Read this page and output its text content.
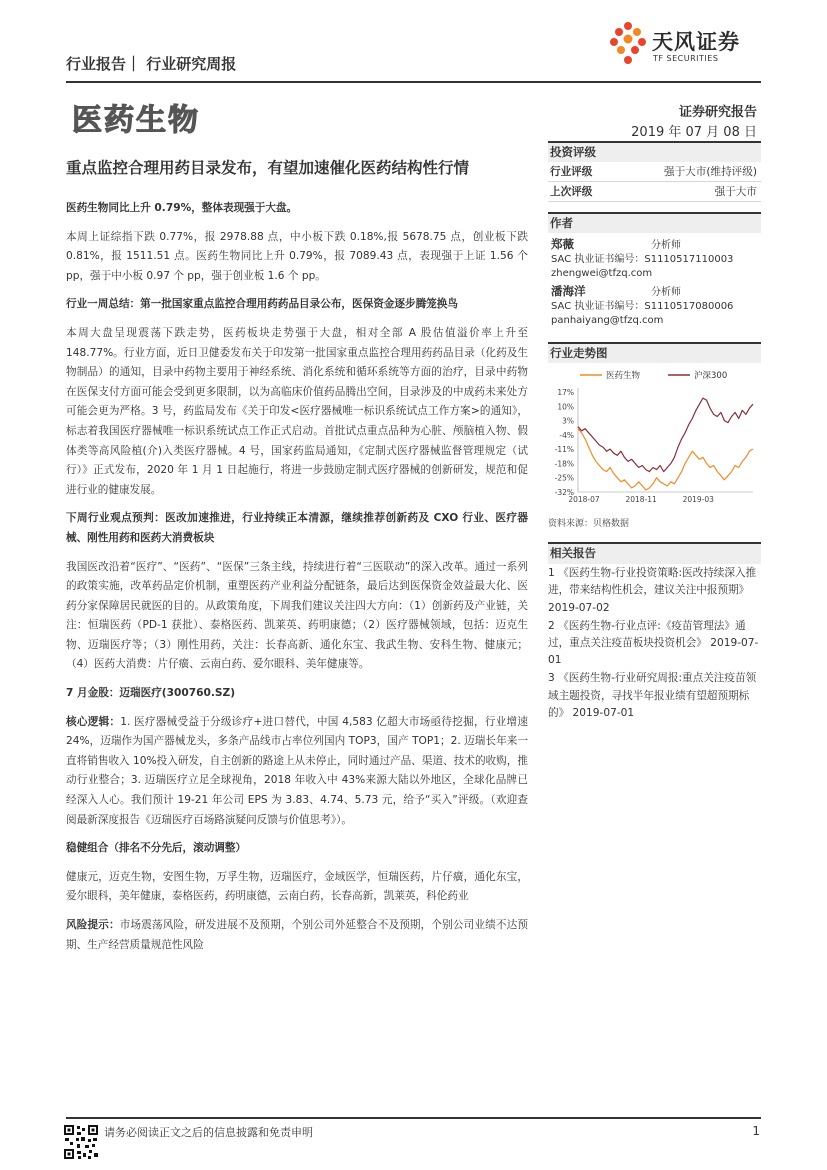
行业报告｜ 行业研究周报
天风证券
TF SECURITIES
医药生物	证券研究报告
2019 年 07 月 08 日
重点监控合理用药目录发布，有望加速催化医药结构性行情

医药生物同比上升 0.79%，整体表现强于大盘。

本周上证综指下跌 0.77%，报 2978.88 点，中小板下跌 0.18%,报 5678.75 点，创业板下跌 0.81%，报 1511.51 点。医药生物同比上升 0.79%，报 7089.43 点，表现强于上证 1.56 个 pp，强于中小板 0.97 个 pp，强于创业板 1.6 个 pp。

行业一周总结：第一批国家重点监控合理用药药品目录公布，医保资金逐步腾笼换鸟

本周大盘呈现震荡下跌走势，医药板块走势强于大盘，相对全部 A 股估值溢价率上升至 148.77%。行业方面，近日卫健委发布关于印发第一批国家重点监控合理用药药品目录（化药及生物制品）的通知，目录中药物主要用于神经系统、消化系统和循环系统等方面的治疗，目录中药物在医保支付方面可能会受到更多限制，以为高临床价值药品腾出空间，目录涉及的中成药未来处方可能会更为严格。3 号，药监局发布《关于印发<医疗器械唯一标识系统试点工作方案>的通知》，标志着我国医疗器械唯一标识系统试点工作正式启动。首批试点重点品种为心脏、颅脑植入物、假体类等高风险植(介)入类医疗器械。4 号，国家药监局通知，《定制式医疗器械监督管理规定（试行）》正式发布，2020 年 1 月 1 日起施行，将进一步鼓励定制式医疗器械的创新研发，规范和促进行业的健康发展。

下周行业观点预判：医改加速推进，行业持续正本清源，继续推荐创新药及 CXO 行业、医疗器械、刚性用药和医药大消费板块

我国医改沿着“医疗”、“医药”、“医保”三条主线，持续进行着“三医联动”的深入改革。通过一系列的政策实施，改革药品定价机制，重塑医药产业利益分配链条，最后达到医保资金效益最大化、医药分家保障居民就医的目的。从政策角度，下周我们建议关注四大方向：（1）创新药及产业链，关注：恒瑞医药（PD-1 获批）、泰格医药、凯莱英、药明康德；（2）医疗器械领域，包括：迈克生物、迈瑞医疗等；（3）刚性用药，关注：长春高新、通化东宝、我武生物、安科生物、健康元；（4）医药大消费：片仔癀、云南白药、爱尔眼科、美年健康等。

7 月金股：迈瑞医疗(300760.SZ)

核心逻辑：1. 医疗器械受益于分级诊疗+进口替代，中国 4,583 亿超大市场亟待挖掘，行业增速 24%，迈瑞作为国产器械龙头，多条产品线市占率位列国内 TOP3，国产 TOP1；2. 迈瑞长年来一直将销售收入 10%投入研发，自主创新的路途上从未停止，同时通过产品、渠道、技术的收购，推动行业整合；3. 迈瑞医疗立足全球视角，2018 年收入中 43%来源大陆以外地区，全球化品牌已经深入人心。我们预计 19-21 年公司 EPS 为 3.83、4.74、5.73 元，给予“买入”评级。（欢迎查阅最新深度报告《迈瑞医疗百场路演疑问反馈与价值思考》）。

稳健组合（排名不分先后，滚动调整）

健康元，迈克生物，安图生物，万孚生物，迈瑞医疗，金域医学，恒瑞医药，片仔癀，通化东宝，爱尔眼科，美年健康，泰格医药，药明康德，云南白药，长春高新，凯莱英，科伦药业

风险提示：市场震荡风险，研发进展不及预期，个别公司外延整合不及预期，个别公司业绩不达预期、生产经营质量规范性风险

投资评级
行业评级	强于大市(维持评级)
上次评级	强于大市
作者
郑薇	分析师
SAC 执业证书编号：S1110517110003
zhengwei@tfzq.com
潘海洋	分析师
SAC 执业证书编号：S1110517080006
panhaiyang@tfzq.com
行业走势图
医药生物	沪深300
17%
10%
3%
-4%
-11%
-18%
-25%
-32%
2018-07	2018-11	2019-03
资料来源：贝格数据
相关报告

1 《医药生物-行业投资策略:医改持续深入推进，带来结构性机会，建议关注中报预期》 2019-07-02

2 《医药生物-行业点评:《疫苗管理法》通过，重点关注疫苗板块投资机会》 2019-07-01

3 《医药生物-行业研究周报:重点关注疫苗领域主题投资，寻找半年报业绩有望超预期标的》 2019-07-01

请务必阅读正文之后的信息披露和免责申明	1
